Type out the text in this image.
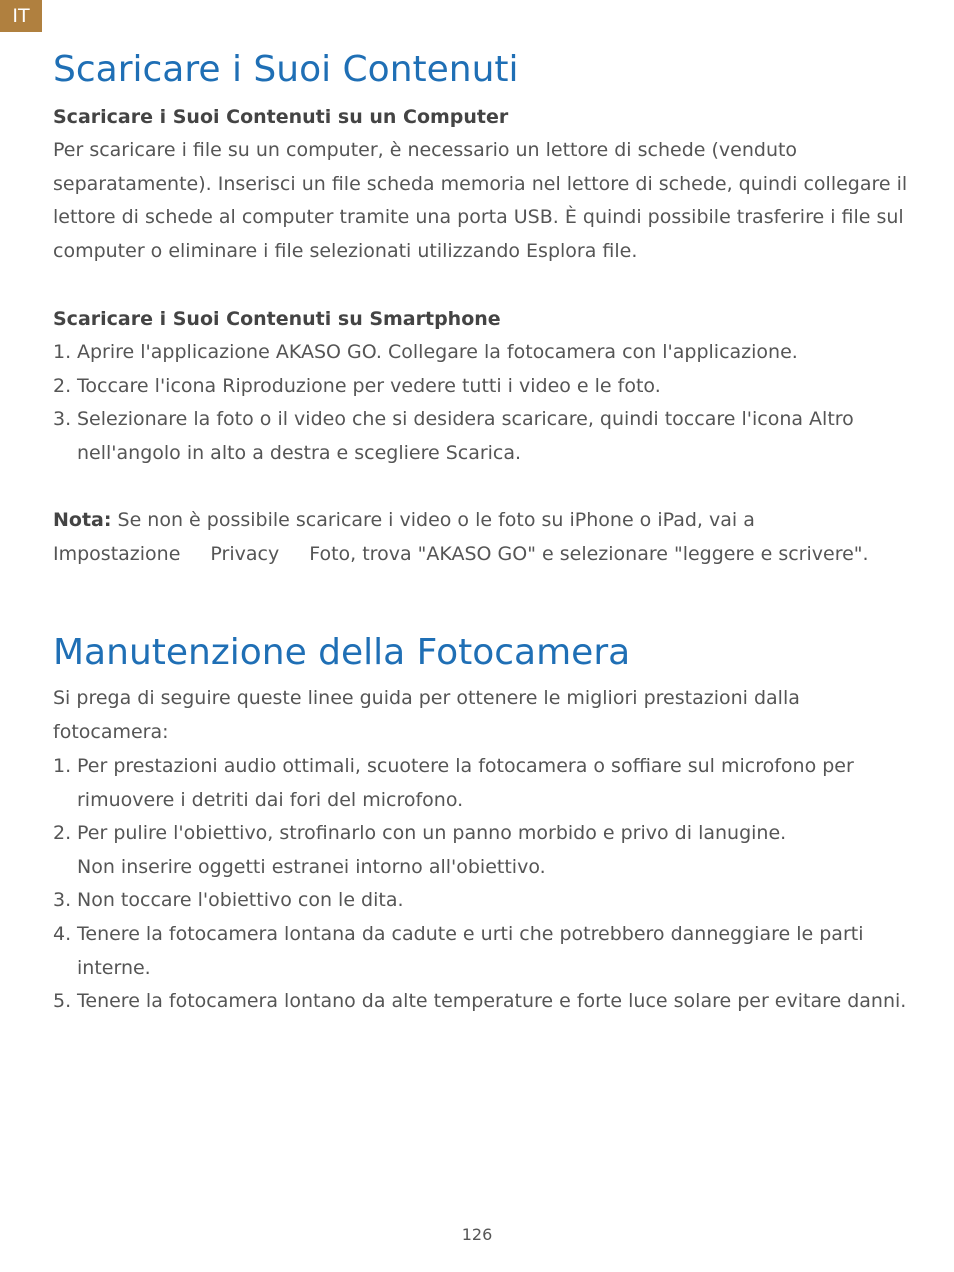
IT
Scaricare i Suoi Contenuti

Scaricare i Suoi Contenuti su un Computer

Per scaricare i file su un computer, è necessario un lettore di schede (venduto separatamente). Inserisci un file scheda memoria nel lettore di schede, quindi collegare il lettore di schede al computer tramite una porta USB. È quindi possibile trasferire i file sul computer o eliminare i file selezionati utilizzando Esplora file.

Scaricare i Suoi Contenuti su Smartphone

1. Aprire l'applicazione AKASO GO. Collegare la fotocamera con l'applicazione.
2. Toccare l'icona Riproduzione per vedere tutti i video e le foto.
3. Selezionare la foto o il video che si desidera scaricare, quindi toccare l'icona Altro nell'angolo in alto a destra e scegliere Scarica.

Nota: Se non è possibile scaricare i video o le foto su iPhone o iPad, vai a
Impostazione Privacy Foto, trova "AKASO GO" e selezionare "leggere e scrivere".

Manutenzione della Fotocamera

Si prega di seguire queste linee guida per ottenere le migliori prestazioni dalla fotocamera:

1. Per prestazioni audio ottimali, scuotere la fotocamera o soffiare sul microfono per rimuovere i detriti dai fori del microfono.
2. Per pulire l'obiettivo, strofinarlo con un panno morbido e privo di lanugine.
Non inserire oggetti estranei intorno all'obiettivo.
3. Non toccare l'obiettivo con le dita.
4. Tenere la fotocamera lontana da cadute e urti che potrebbero danneggiare le parti interne.
5. Tenere la fotocamera lontano da alte temperature e forte luce solare per evitare danni.
126
